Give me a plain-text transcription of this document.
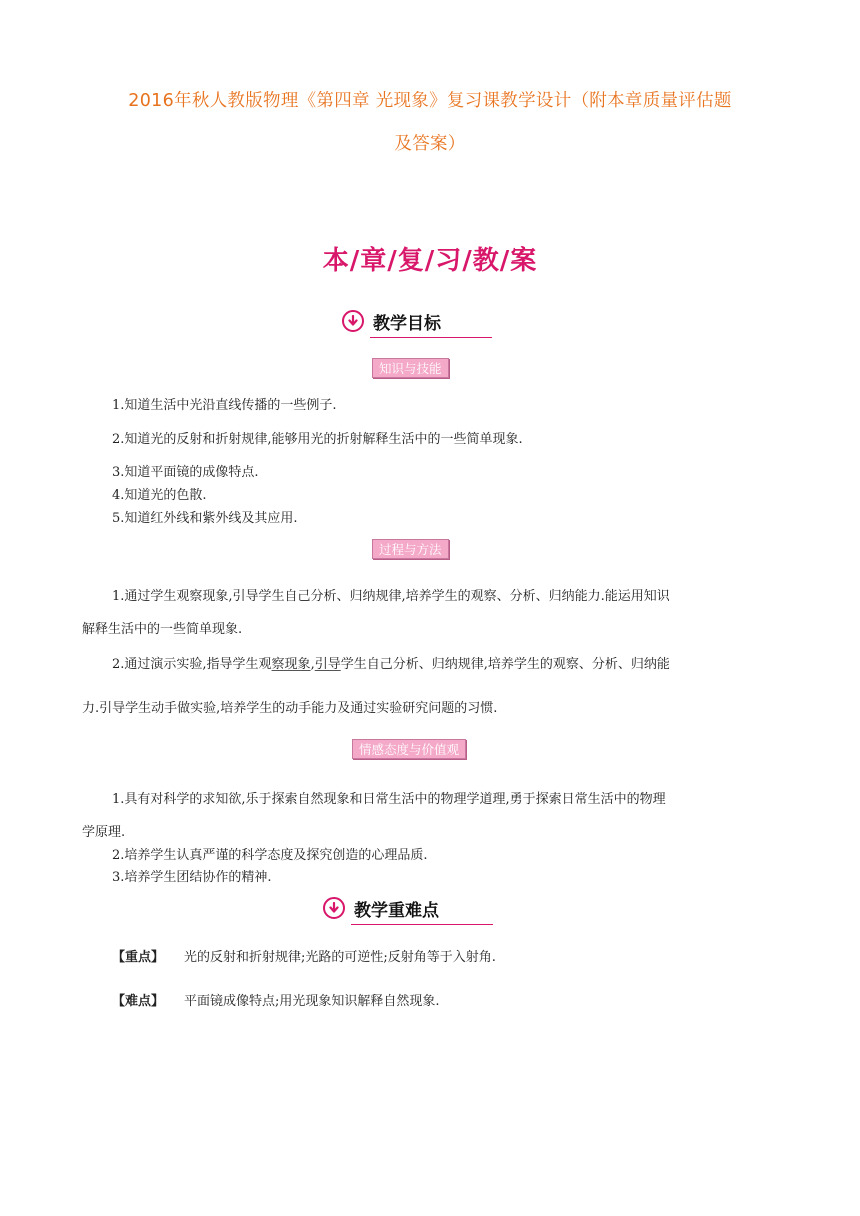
2016年秋人教版物理《第四章 光现象》复习课教学设计（附本章质量评估题
及答案）
本/章/复/习/教/案
教学目标
知识与技能
1.知道生活中光沿直线传播的一些例子.
2.知道光的反射和折射规律,能够用光的折射解释生活中的一些简单现象.
3.知道平面镜的成像特点.
4.知道光的色散.
5.知道红外线和紫外线及其应用.
过程与方法
1.通过学生观察现象,引导学生自己分析、归纳规律,培养学生的观察、分析、归纳能力.能运用知识
解释生活中的一些简单现象.
2.通过演示实验,指导学生观察现象,引导学生自己分析、归纳规律,培养学生的观察、分析、归纳能
力.引导学生动手做实验,培养学生的动手能力及通过实验研究问题的习惯.
情感态度与价值观
1.具有对科学的求知欲,乐于探索自然现象和日常生活中的物理学道理,勇于探索日常生活中的物理
学原理.
2.培养学生认真严谨的科学态度及探究创造的心理品质.
3.培养学生团结协作的精神.
教学重难点
【重点】 光的反射和折射规律;光路的可逆性;反射角等于入射角.
【难点】 平面镜成像特点;用光现象知识解释自然现象.
